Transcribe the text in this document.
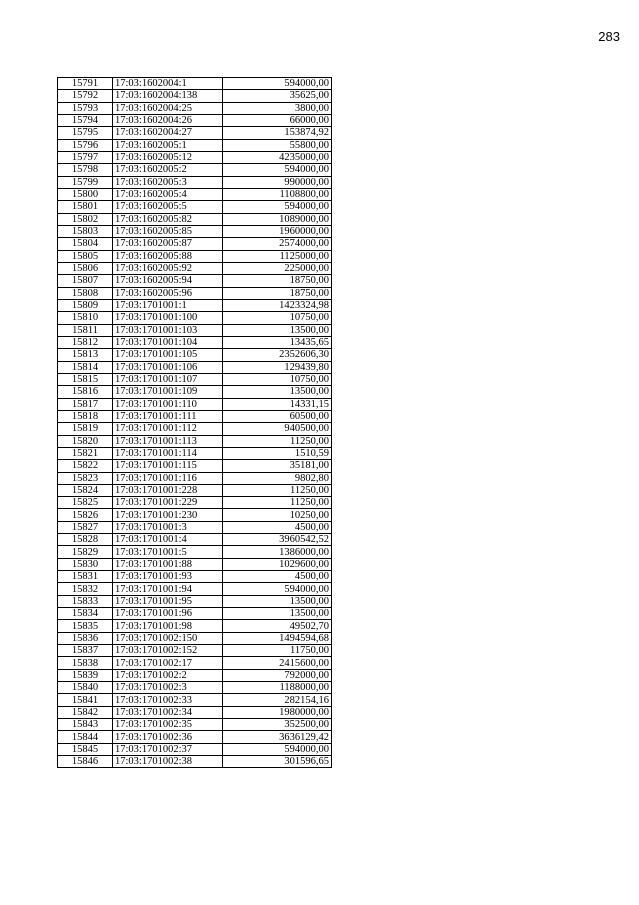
283
15791	17:03:1602004:1	594000,00
15792	17:03:1602004:138	35625,00
15793	17:03:1602004:25	3800,00
15794	17:03:1602004:26	66000,00
15795	17:03:1602004:27	153874,92
15796	17:03:1602005:1	55800,00
15797	17:03:1602005:12	4235000,00
15798	17:03:1602005:2	594000,00
15799	17:03:1602005:3	990000,00
15800	17:03:1602005:4	1108800,00
15801	17:03:1602005:5	594000,00
15802	17:03:1602005:82	1089000,00
15803	17:03:1602005:85	1960000,00
15804	17:03:1602005:87	2574000,00
15805	17:03:1602005:88	1125000,00
15806	17:03:1602005:92	225000,00
15807	17:03:1602005:94	18750,00
15808	17:03:1602005:96	18750,00
15809	17:03:1701001:1	1423324,98
15810	17:03:1701001:100	10750,00
15811	17:03:1701001:103	13500,00
15812	17:03:1701001:104	13435,65
15813	17:03:1701001:105	2352606,30
15814	17:03:1701001:106	129439,80
15815	17:03:1701001:107	10750,00
15816	17:03:1701001:109	13500,00
15817	17:03:1701001:110	14331,15
15818	17:03:1701001:111	60500,00
15819	17:03:1701001:112	940500,00
15820	17:03:1701001:113	11250,00
15821	17:03:1701001:114	1510,59
15822	17:03:1701001:115	35181,00
15823	17:03:1701001:116	9802,80
15824	17:03:1701001:228	11250,00
15825	17:03:1701001:229	11250,00
15826	17:03:1701001:230	10250,00
15827	17:03:1701001:3	4500,00
15828	17:03:1701001:4	3960542,52
15829	17:03:1701001:5	1386000,00
15830	17:03:1701001:88	1029600,00
15831	17:03:1701001:93	4500,00
15832	17:03:1701001:94	594000,00
15833	17:03:1701001:95	13500,00
15834	17:03:1701001:96	13500,00
15835	17:03:1701001:98	49502,70
15836	17:03:1701002:150	1494594,68
15837	17:03:1701002:152	11750,00
15838	17:03:1701002:17	2415600,00
15839	17:03:1701002:2	792000,00
15840	17:03:1701002:3	1188000,00
15841	17:03:1701002:33	282154,16
15842	17:03:1701002:34	1980000,00
15843	17:03:1701002:35	352500,00
15844	17:03:1701002:36	3636129,42
15845	17:03:1701002:37	594000,00
15846	17:03:1701002:38	301596,65
